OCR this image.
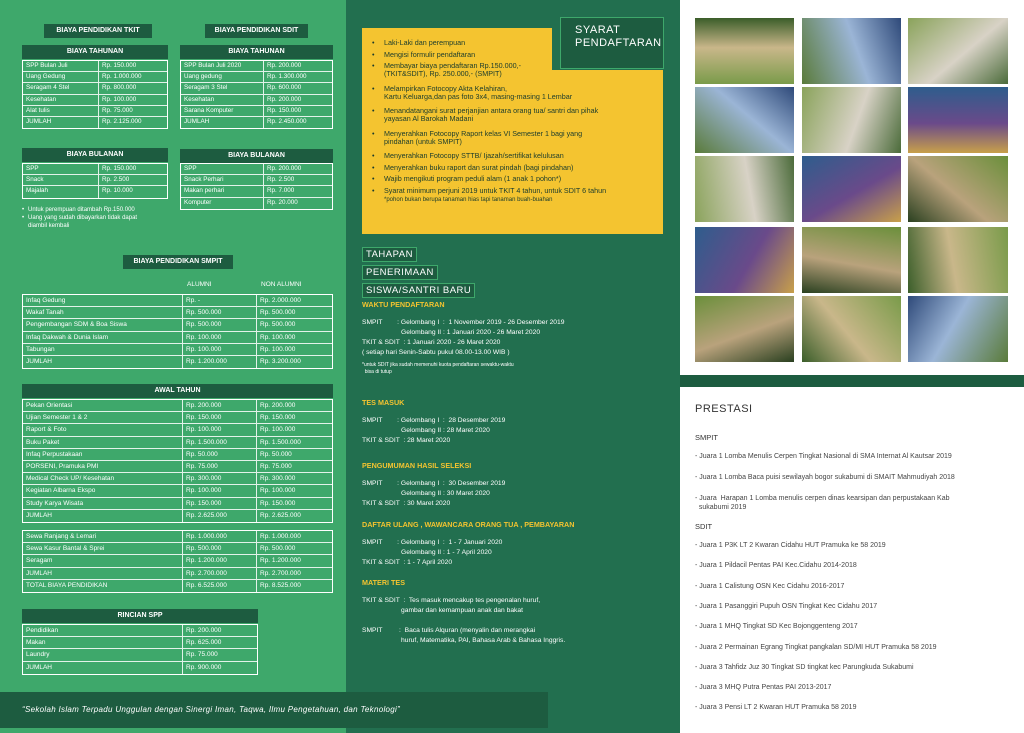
BIAYA PENDIDIKAN TKIT
BIAYA TAHUNAN
SPP Bulan Juli	Rp. 150.000
Uang Gedung	Rp. 1.000.000
Seragam 4 Stel	Rp. 800.000
Kesehatan	Rp. 100.000
Alat tulis	Rp. 75.000
JUMLAH	Rp. 2.125.000
BIAYA BULANAN
SPP	Rp. 150.000
Snack	Rp. 2.500
Majalah	Rp. 10.000
Untuk perempuan ditambah Rp.150.000
Uang yang sudah dibayarkan tidak dapat
diambil kembali
•
•
BIAYA PENDIDIKAN SDIT
BIAYA TAHUNAN
SPP Bulan Juli 2020	Rp. 200.000
Uang gedung	Rp. 1.300.000
Seragam 3 Stel	Rp. 600.000
Kesehatan	Rp. 200.000
Sarana Komputer	Rp. 150.000
JUMLAH	Rp. 2.450.000
BIAYA BULANAN
SPP	Rp. 200.000
Snack Perhari	Rp. 2.500
Makan perhari	Rp. 7.000
Komputer	Rp. 20.000
BIAYA PENDIDIKAN SMPIT
ALUMNI	NON ALUMNI
Infaq Gedung	Rp. -	Rp. 2.000.000
Wakaf Tanah	Rp. 500.000	Rp. 500.000
Pengembangan SDM & Boa Siswa	Rp. 500.000	Rp. 500.000
Infaq Dakwah & Dunia Islam	Rp. 100.000	Rp. 100.000
Tabungan	Rp. 100.000	Rp. 100.000
JUMLAH	Rp. 1.200.000	Rp. 3.200.000
AWAL TAHUN
Pekan Orientasi	Rp. 200.000	Rp. 200.000
Ujian Semester 1 & 2	Rp. 150.000	Rp. 150.000
Raport & Foto	Rp. 100.000	Rp. 100.000
Buku Paket	Rp. 1.500.000	Rp. 1.500.000
Infaq Perpustakaan	Rp. 50.000	Rp. 50.000
PORSENI, Pramuka PMI	Rp. 75.000	Rp. 75.000
Medical Check UP/ Kesehatan	Rp. 300.000	Rp. 300.000
Kegiatan Albarna Ekspo	Rp. 100.000	Rp. 100.000
Study Karya Wisata	Rp. 150.000	Rp. 150.000
JUMLAH	Rp. 2.625.000	Rp. 2.625.000
Sewa Ranjang & Lemari	Rp. 1.000.000	Rp. 1.000.000
Sewa Kasur Bantal & Sprei	Rp. 500.000	Rp. 500.000
Seragam	Rp. 1.200.000	Rp. 1.200.000
JUMLAH	Rp. 2.700.000	Rp. 2.700.000
TOTAL BIAYA PENDIDIKAN	Rp. 6.525.000	Rp. 8.525.000
RINCIAN SPP
Pendidikan	Rp. 200.000
Makan	Rp. 625.000
Laundry	Rp. 75.000
JUMLAH	Rp. 900.000
“Sekolah Islam Terpadu Unggulan dengan Sinergi Iman, Taqwa, Ilmu Pengetahuan, dan Teknologi”
SYARAT
PENDAFTARAN
• Laki-Laki dan perempuan
• Mengisi formulir pendaftaran
• Membayar biaya pendaftaran Rp.150.000,-
(TKIT&SDIT), Rp. 250.000,- (SMPIT)
• Melampirkan Fotocopy Akta Kelahiran,
Kartu Keluarga,dan pas foto 3x4, masing-masing 1 Lembar
• Menandatangani surat perjanjian antara orang tua/ santri dan pihak
yayasan Al Barokah Madani
• Menyerahkan Fotocopy Raport kelas VI Semester 1 bagi yang
pindahan (untuk SMPIT)
• Menyerahkan Fotocopy STTB/ Ijazah/sertifikat kelulusan
• Menyerahkan buku raport dan surat pindah (bagi pindahan)
• Wajib mengikuti program peduli alam (1 anak 1 pohon*)
• Syarat minimum perjuni 2019 untuk TKIT 4 tahun, untuk SDIT 6 tahun
*pohon bukan berupa tanaman hias tapi tanaman buah-buahan
TAHAPAN
PENERIMAAN
SISWA/SANTRI BARU
WAKTU PENDAFTARAN
SMPIT        : Gelombang I  :  1 November 2019 - 26 Desember 2019
Gelombang II : 1 Januari 2020 - 26 Maret 2020
TKIT & SDIT  : 1 Januari 2020 - 26 Maret 2020
( setiap hari Senin-Sabtu pukul 08.00-13.00 WIB )
*untuk SDIT jika sudah memenuhi kuota pendaftaran sewaktu-waktu
bisa di tutup
TES MASUK
SMPIT        : Gelombang I  :  28 Desember 2019
Gelombang II : 28 Maret 2020
TKIT & SDIT  : 28 Maret 2020
PENGUMUMAN HASIL SELEKSI
SMPIT        : Gelombang I  :  30 Desember 2019
Gelombang II : 30 Maret 2020
TKIT & SDIT  : 30 Maret 2020
DAFTAR ULANG , WAWANCARA ORANG TUA , PEMBAYARAN
SMPIT        : Gelombang I  :  1 - 7 Januari 2020
Gelombang II : 1 - 7 April 2020
TKIT & SDIT  : 1 - 7 April 2020
MATERI TES
TKIT & SDIT  :  Tes masuk mencakup tes pengenalan huruf,
gambar dan kemampuan anak dan bakat
SMPIT         :  Baca tulis Alquran (menyalin dan merangkai
huruf, Matematika, PAI, Bahasa Arab & Bahasa Inggris.
PRESTASI
SMPIT
- Juara 1 Lomba Menulis Cerpen Tingkat Nasional di SMA Internat Al Kautsar 2019
- Juara 1 Lomba Baca puisi sewilayah bogor sukabumi di SMAIT Mahmudiyah 2018
- Juara  Harapan 1 Lomba menulis cerpen dinas kearsipan dan perpustakaan Kab
sukabumi 2019
SDIT
- Juara 1 P3K LT 2 Kwaran Cidahu HUT Pramuka ke 58 2019
- Juara 1 Pildacil Pentas PAI Kec.Cidahu 2014-2018
- Juara 1 Calistung OSN Kec Cidahu 2016-2017
- Juara 1 Pasanggiri Pupuh OSN Tingkat Kec Cidahu 2017
- Juara 1 MHQ Tingkat SD Kec Bojonggenteng 2017
- Juara 2 Permainan Egrang Tingkat pangkalan SD/MI HUT Pramuka 58 2019
- Juara 3 Tahfidz Juz 30 Tingkat SD tingkat kec Parungkuda Sukabumi
- Juara 3 MHQ Putra Pentas PAI 2013-2017
- Juara 3 Pensi LT 2 Kwaran HUT Pramuka 58 2019
